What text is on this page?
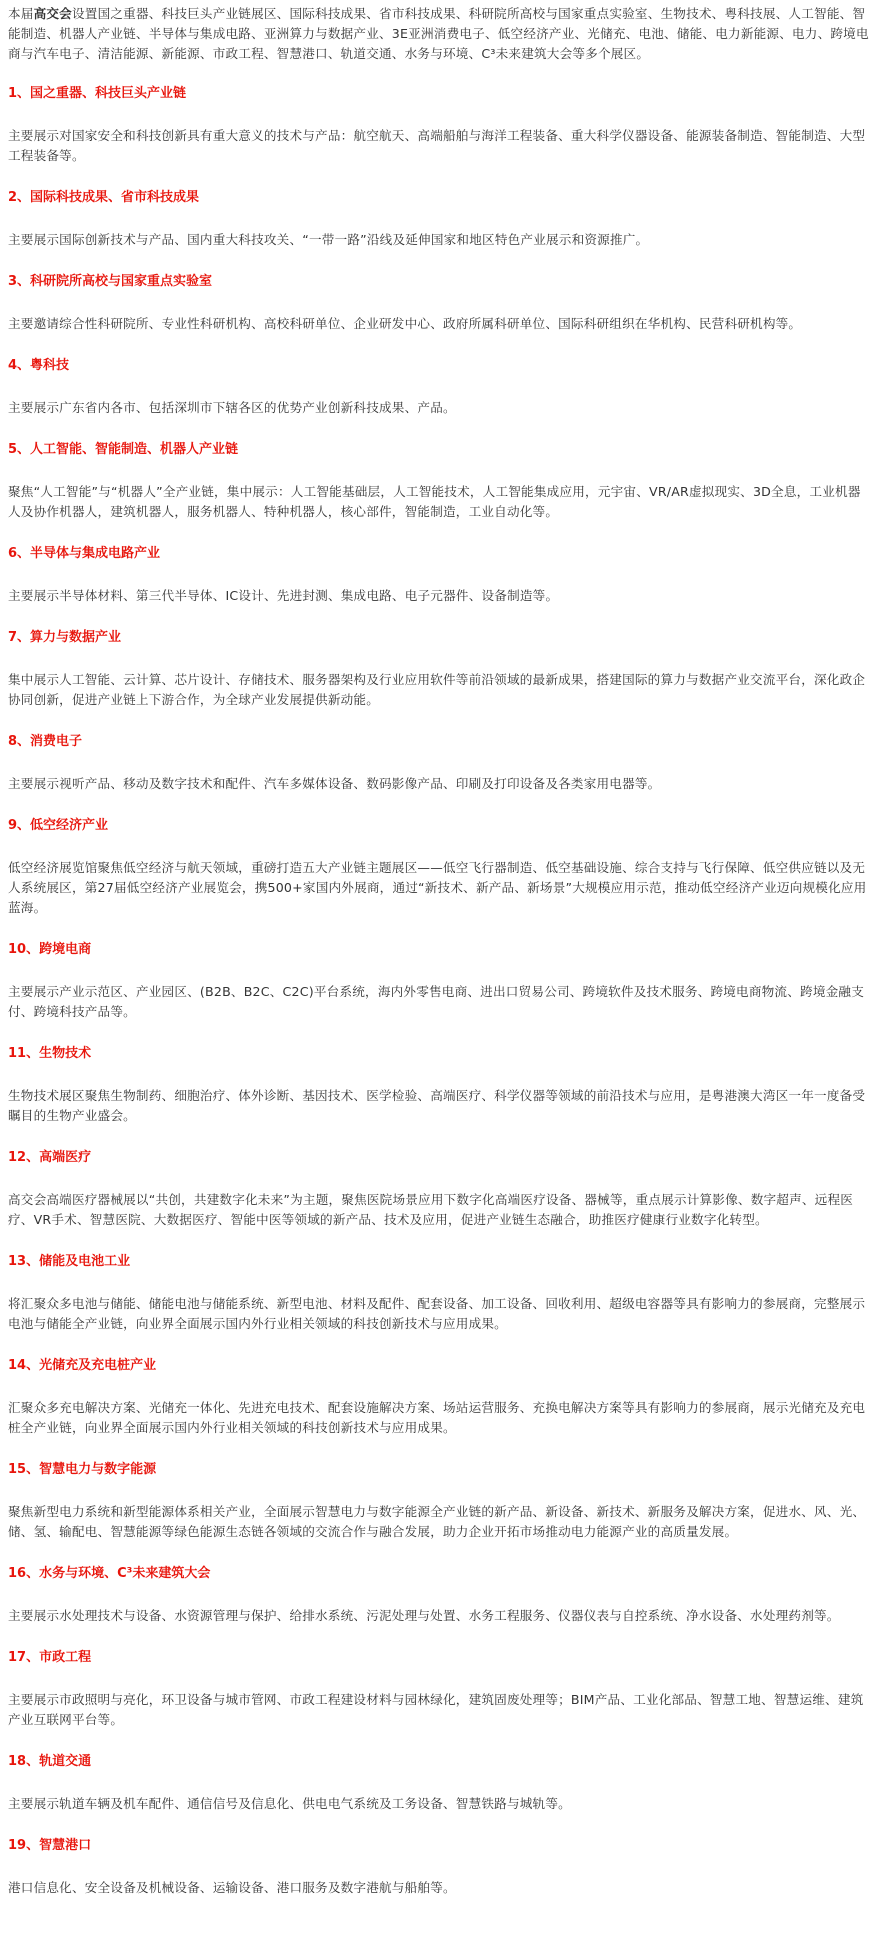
本届高交会设置国之重器、科技巨头产业链展区、国际科技成果、省市科技成果、科研院所高校与国家重点实验室、生物技术、粤科技展、人工智能、智能制造、机器人产业链、半导体与集成电路、亚洲算力与数据产业、3E亚洲消费电子、低空经济产业、光储充、电池、储能、电力新能源、电力、跨境电商与汽车电子、清洁能源、新能源、市政工程、智慧港口、轨道交通、水务与环境、C³未来建筑大会等多个展区。

1、国之重器、科技巨头产业链

主要展示对国家安全和科技创新具有重大意义的技术与产品：航空航天、高端船舶与海洋工程装备、重大科学仪器设备、能源装备制造、智能制造、大型工程装备等。

2、国际科技成果、省市科技成果

主要展示国际创新技术与产品、国内重大科技攻关、“一带一路”沿线及延伸国家和地区特色产业展示和资源推广。

3、科研院所高校与国家重点实验室

主要邀请综合性科研院所、专业性科研机构、高校科研单位、企业研发中心、政府所属科研单位、国际科研组织在华机构、民营科研机构等。

4、粤科技

主要展示广东省内各市、包括深圳市下辖各区的优势产业创新科技成果、产品。

5、人工智能、智能制造、机器人产业链

聚焦“人工智能”与“机器人”全产业链，集中展示：人工智能基础层，人工智能技术，人工智能集成应用，元宇宙、VR/AR虚拟现实、3D全息，工业机器人及协作机器人，建筑机器人，服务机器人、特种机器人，核心部件，智能制造，工业自动化等。

6、半导体与集成电路产业

主要展示半导体材料、第三代半导体、IC设计、先进封测、集成电路、电子元器件、设备制造等。

7、算力与数据产业

集中展示人工智能、云计算、芯片设计、存储技术、服务器架构及行业应用软件等前沿领域的最新成果，搭建国际的算力与数据产业交流平台，深化政企协同创新，促进产业链上下游合作，为全球产业发展提供新动能。

8、消费电子

主要展示视听产品、移动及数字技术和配件、汽车多媒体设备、数码影像产品、印刷及打印设备及各类家用电器等。

9、低空经济产业

低空经济展览馆聚焦低空经济与航天领域，重磅打造五大产业链主题展区——低空飞行器制造、低空基础设施、综合支持与飞行保障、低空供应链以及无人系统展区，第27届低空经济产业展览会，携500+家国内外展商，通过“新技术、新产品、新场景”大规模应用示范，推动低空经济产业迈向规模化应用蓝海。

10、跨境电商

主要展示产业示范区、产业园区、(B2B、B2C、C2C)平台系统，海内外零售电商、进出口贸易公司、跨境软件及技术服务、跨境电商物流、跨境金融支付、跨境科技产品等。

11、生物技术

生物技术展区聚焦生物制药、细胞治疗、体外诊断、基因技术、医学检验、高端医疗、科学仪器等领域的前沿技术与应用，是粤港澳大湾区一年一度备受瞩目的生物产业盛会。

12、高端医疗

高交会高端医疗器械展以“共创，共建数字化未来”为主题，聚焦医院场景应用下数字化高端医疗设备、器械等，重点展示计算影像、数字超声、远程医疗、VR手术、智慧医院、大数据医疗、智能中医等领域的新产品、技术及应用，促进产业链生态融合，助推医疗健康行业数字化转型。

13、储能及电池工业

将汇聚众多电池与储能、储能电池与储能系统、新型电池、材料及配件、配套设备、加工设备、回收利用、超级电容器等具有影响力的参展商，完整展示电池与储能全产业链，向业界全面展示国内外行业相关领域的科技创新技术与应用成果。

14、光储充及充电桩产业

汇聚众多充电解决方案、光储充一体化、先进充电技术、配套设施解决方案、场站运营服务、充换电解决方案等具有影响力的参展商，展示光储充及充电桩全产业链，向业界全面展示国内外行业相关领域的科技创新技术与应用成果。

15、智慧电力与数字能源

聚焦新型电力系统和新型能源体系相关产业，全面展示智慧电力与数字能源全产业链的新产品、新设备、新技术、新服务及解决方案，促进水、风、光、储、氢、输配电、智慧能源等绿色能源生态链各领域的交流合作与融合发展，助力企业开拓市场推动电力能源产业的高质量发展。

16、水务与环境、C³未来建筑大会

主要展示水处理技术与设备、水资源管理与保护、给排水系统、污泥处理与处置、水务工程服务、仪器仪表与自控系统、净水设备、水处理药剂等。

17、市政工程

主要展示市政照明与亮化，环卫设备与城市管网、市政工程建设材料与园林绿化，建筑固废处理等；BIM产品、工业化部品、智慧工地、智慧运维、建筑产业互联网平台等。

18、轨道交通

主要展示轨道车辆及机车配件、通信信号及信息化、供电电气系统及工务设备、智慧铁路与城轨等。

19、智慧港口

港口信息化、安全设备及机械设备、运输设备、港口服务及数字港航与船舶等。
